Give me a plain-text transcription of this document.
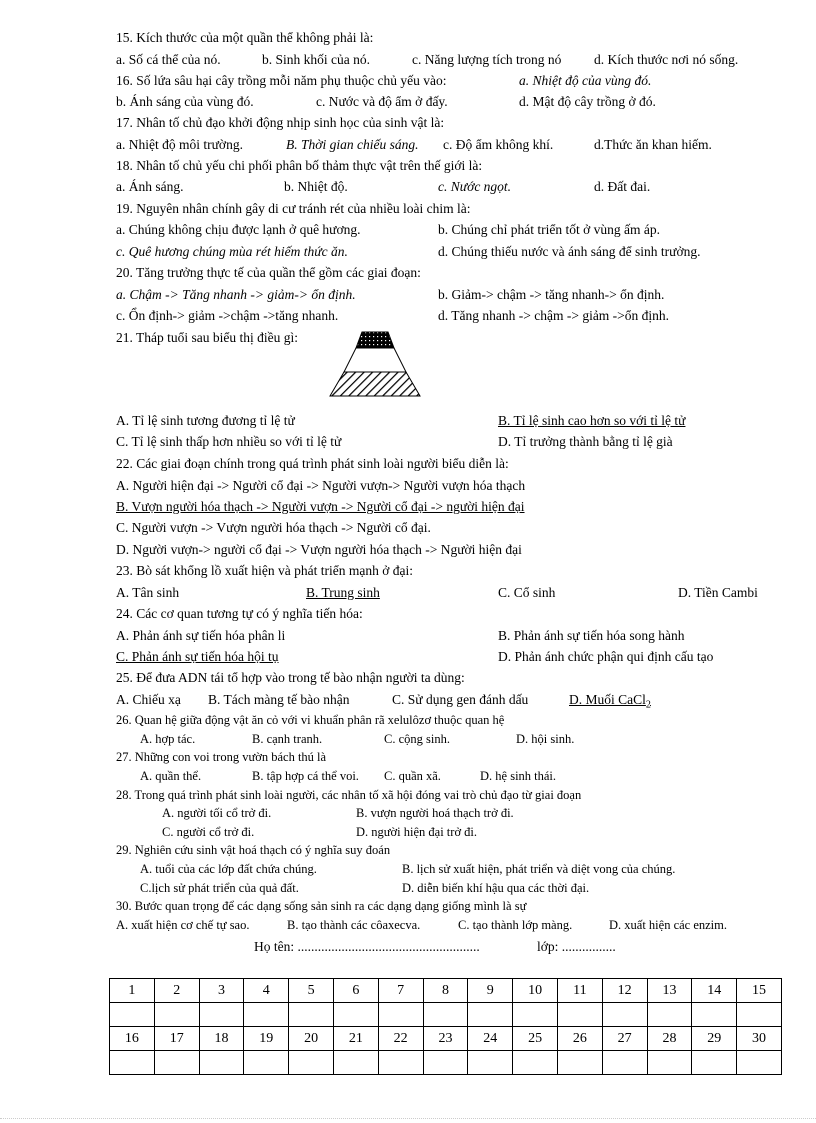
15. Kích thước của một quần thể không phải là:
a. Số cá thể của nó.	b. Sinh khối của nó.	c. Năng lượng tích trong nó d. Kích thước nơi nó sống.
16. Số lứa sâu hại cây trồng mỗi năm phụ thuộc chủ yếu vào:	a. Nhiệt độ của vùng đó.
b. Ánh sáng của vùng đó.	c. Nước và độ ẩm ở đấy.	d. Mật độ cây trồng ở đó.
17. Nhân tố chủ đạo khởi động nhịp sinh học của sinh vật là:
a. Nhiệt độ môi trường.	B. Thời gian chiếu sáng. c. Độ ẩm không khí.	d.Thức ăn khan hiếm.
18. Nhân tố chủ yếu chi phối phân bố thảm thực vật trên thế giới là:
a. Ánh sáng.	b. Nhiệt độ.	c. Nước ngọt.	d. Đất đai.
19. Nguyên nhân chính gây di cư tránh rét của nhiều loài chim là:
a. Chúng không chịu được lạnh ở quê hương.	b. Chúng chỉ phát triển tốt ở vùng ấm áp.
c. Quê hương chúng mùa rét hiếm thức ăn.	d. Chúng thiếu nước và ánh sáng để sinh trưởng.
20. Tăng trưởng thực tế của quần thể gồm các giai đoạn:
a. Chậm -> Tăng nhanh -> giảm-> ổn định.	b. Giảm-> chậm -> tăng nhanh-> ổn định.
c. Ổn định-> giảm ->chậm ->tăng nhanh.	d. Tăng nhanh -> chậm -> giảm ->ổn định.
21. Tháp tuổi sau biểu thị điều gì:
A. Tỉ lệ sinh tương đương tỉ lệ tử	B. Tỉ lệ sinh cao hơn so với tỉ lệ tử
C. Tỉ lệ sinh thấp hơn nhiều so với tỉ lệ tử	D. Tỉ trưởng thành bằng tỉ lệ già
22. Các giai đoạn chính trong quá trình phát sinh loài người biểu diễn là:
A. Người hiện đại -> Người cổ đại -> Người vượn-> Người vượn hóa thạch
B. Vượn người hóa thạch -> Người vượn -> Người cổ đại -> người hiện đại
C. Người vượn -> Vượn người hóa thạch -> Người cổ đại.
D. Người vượn-> người cổ đại -> Vượn người hóa thạch -> Người hiện đại
23. Bò sát khổng lồ xuất hiện và phát triển mạnh ở đại:
A. Tân sinh	B. Trung sinh	C. Cổ sinh	D. Tiền Cambi
24. Các cơ quan tương tự có ý nghĩa tiến hóa:
A. Phản ánh sự tiến hóa phân li	B. Phản ánh sự tiến hóa song hành
C. Phản ánh sự tiến hóa hội tụ	D. Phản ánh chức phận qui định cấu tạo
25. Để đưa ADN tái tổ hợp vào trong tế bào nhận người ta dùng:
A. Chiếu xạ B. Tách màng tế bào nhận	C. Sử dụng gen đánh dấu	D. Muối CaCl$_2$
26. Quan hệ giữa động vật ăn cỏ với vi khuẩn phân rã xelulôzơ thuộc quan hệ
A. hợp tác.	B. cạnh tranh.	C. cộng sinh.	D. hội sinh.
27. Những con voi trong vườn bách thú là
A. quần thể.	B. tập hợp cá thể voi. C. quần xã.	D. hệ sinh thái.
28. Trong quá trình phát sinh loài người, các nhân tố xã hội đóng vai trò chủ đạo từ giai đoạn
A. người tối cổ trở đi.	B. vượn người hoá thạch trở đi.
C. người cổ trở đi.	D. người hiện đại trở đi.
29. Nghiên cứu sinh vật hoá thạch có ý nghĩa suy đoán
A. tuổi của các lớp đất chứa chúng.	B. lịch sử xuất hiện, phát triển và diệt vong của chúng.
C.lịch sử phát triển của quả đất.	D. diễn biến khí hậu qua các thời đại.
30. Bước quan trọng để các dạng sống sản sinh ra các dạng dạng giống mình là sự
A. xuất hiện cơ chế tự sao.	B. tạo thành các côaxecva.	C. tạo thành lớp màng.	D. xuất hiện các enzim.
Họ tên: ......................................................	lớp: ................
1	2	3	4	5	6	7	8	9	10	11	12	13	14	15

16	17	18	19	20	21	22	23	24	25	26	27	28	29	30
